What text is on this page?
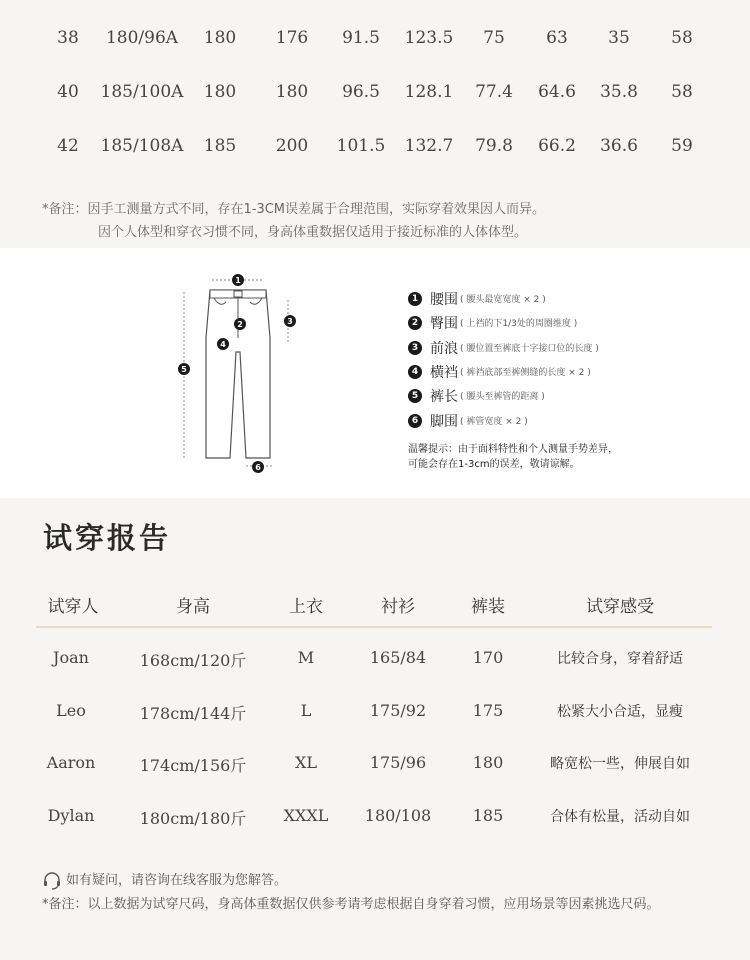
38 180/96A 180 176 91.5 123.5 75 63 35 58
40 185/100A 180 180 96.5 128.1 77.4 64.6 35.8 58
42 185/108A 185 200 101.5 132.7 79.8 66.2 36.6 59
*备注：因手工测量方式不同，存在1-3CM误差属于合理范围，实际穿着效果因人而异。
因个人体型和穿衣习惯不同，身高体重数据仅适用于接近标准的人体体型。
1
2	3
4
5
6
1 腰围 ( 腰头最宽宽度 × 2 )
2 臀围 ( 上裆的下1/3处的周圈维度 )
3 前浪 ( 腰位置至裤底十字接口位的长度 )
4 横裆 ( 裤裆底部至裤侧缝的长度 × 2 )
5 裤长 ( 腰头至裤管的距离 )
6 脚围 ( 裤管宽度 × 2 )
温馨提示：由于面料特性和个人测量手势差异，
可能会存在1-3cm的误差，敬请谅解。
试穿报告
试穿人	身高	上衣	衬衫	裤装	试穿感受
Joan	168cm/120斤	M	165/84	170	比较合身，穿着舒适
Leo	178cm/144斤	L	175/92	175	松紧大小合适，显瘦
Aaron	174cm/156斤	XL	175/96	180	略宽松一些，伸展自如
Dylan	180cm/180斤 XXXL 180/108	185	合体有松量，活动自如
如有疑问，请咨询在线客服为您解答。
*备注：以上数据为试穿尺码，身高体重数据仅供参考请考虑根据自身穿着习惯，应用场景等因素挑选尺码。
